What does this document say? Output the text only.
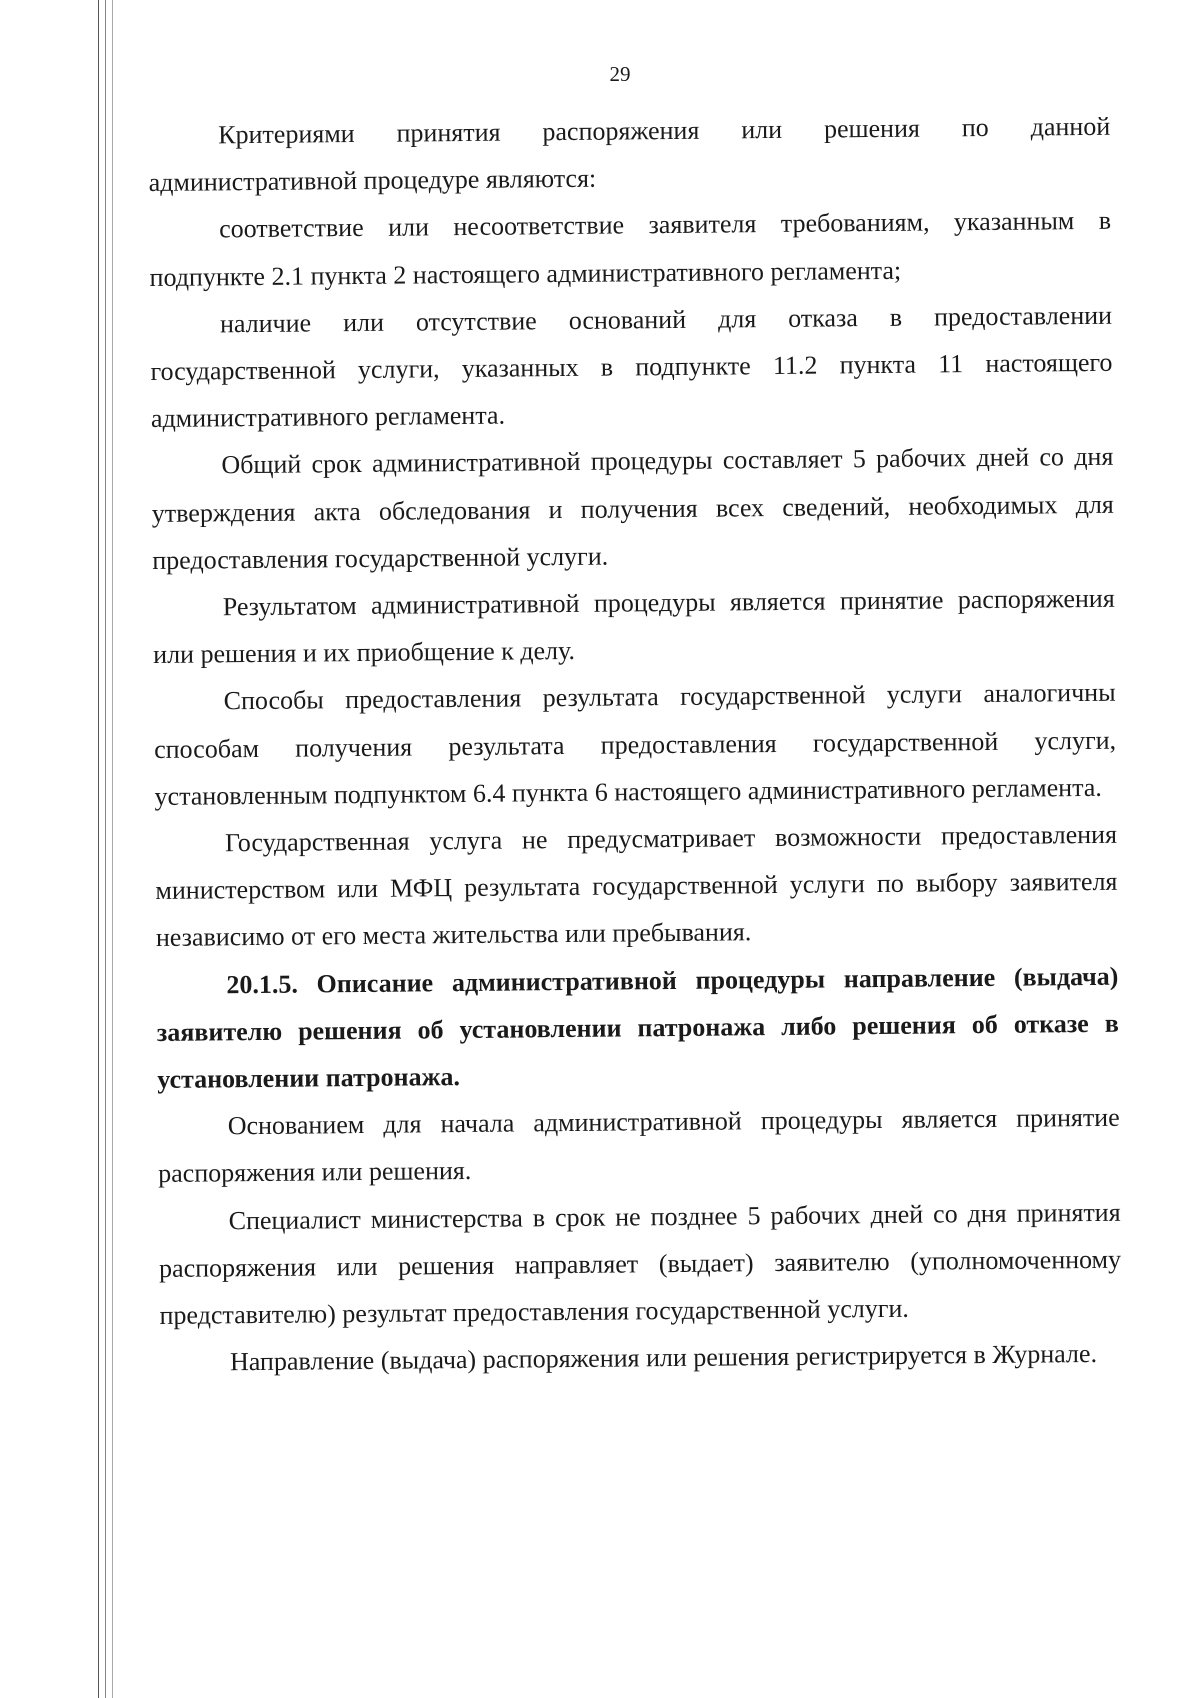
29

Критериями принятия распоряжения или решения по данной административной процедуре являются:

соответствие или несоответствие заявителя требованиям, указанным в подпункте 2.1 пункта 2 настоящего административного регламента;

наличие или отсутствие оснований для отказа в предоставлении государственной услуги, указанных в подпункте 11.2 пункта 11 настоящего административного регламента.

Общий срок административной процедуры составляет 5 рабочих дней со дня утверждения акта обследования и получения всех сведений, необходимых для предоставления государственной услуги.

Результатом административной процедуры является принятие распоряжения или решения и их приобщение к делу.

Способы предоставления результата государственной услуги аналогичны способам получения результата предоставления государственной услуги, установленным подпунктом 6.4 пункта 6 настоящего административного регламента.

Государственная услуга не предусматривает возможности предоставления министерством или МФЦ результата государственной услуги по выбору заявителя независимо от его места жительства или пребывания.

20.1.5. Описание административной процедуры направление (выдача) заявителю решения об установлении патронажа либо решения об отказе в установлении патронажа.

Основанием для начала административной процедуры является принятие распоряжения или решения.

Специалист министерства в срок не позднее 5 рабочих дней со дня принятия распоряжения или решения направляет (выдает) заявителю (уполномоченному представителю) результат предоставления государственной услуги.

Направление (выдача) распоряжения или решения регистрируется в Журнале.
